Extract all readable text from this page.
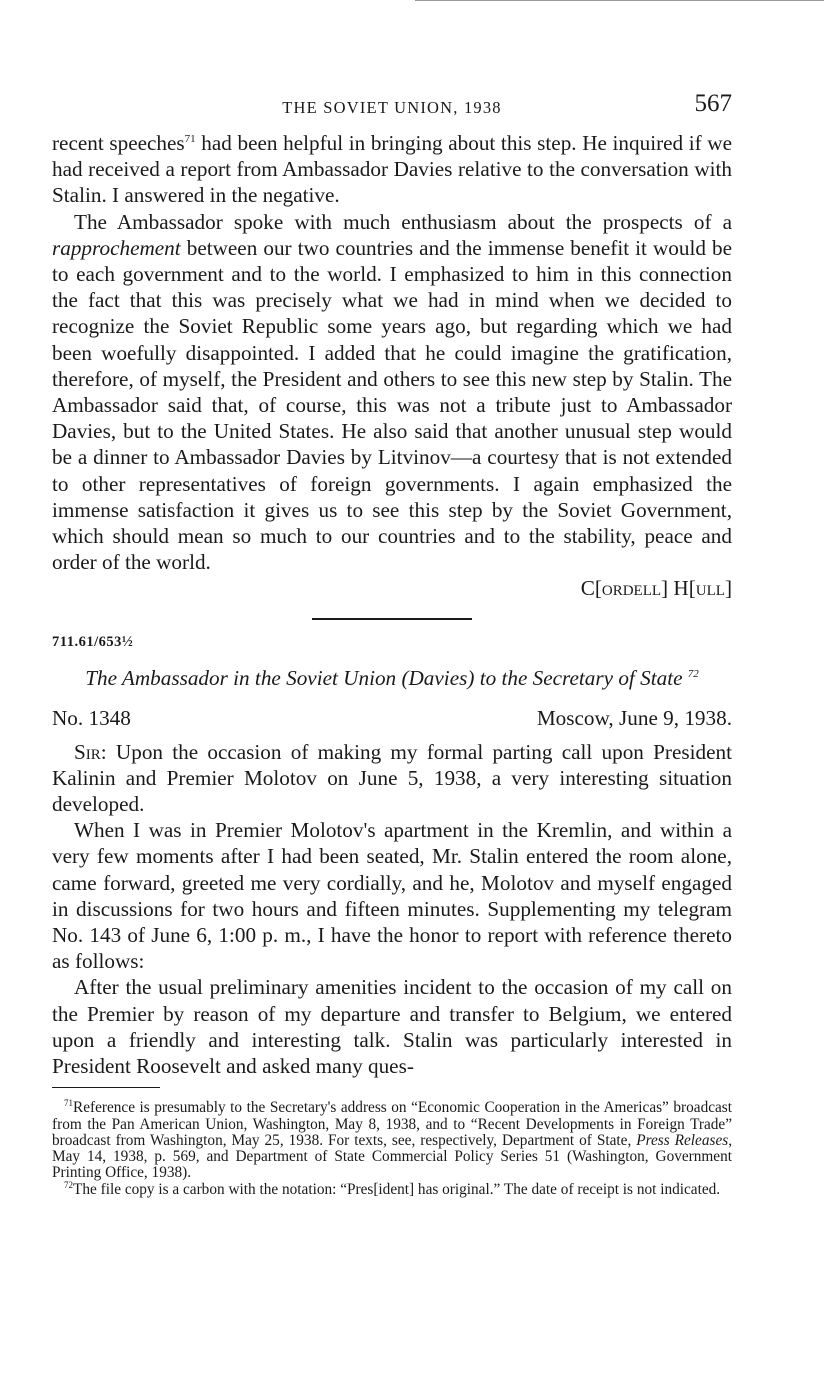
THE SOVIET UNION, 1938	567

recent speeches$^{71}$ had been helpful in bringing about this step. He inquired if we had received a report from Ambassador Davies relative to the conversation with Stalin. I answered in the negative.

The Ambassador spoke with much enthusiasm about the prospects of a rapprochement between our two countries and the immense benefit it would be to each government and to the world. I emphasized to him in this connection the fact that this was precisely what we had in mind when we decided to recognize the Soviet Republic some years ago, but regarding which we had been woefully disappointed. I added that he could imagine the gratification, therefore, of myself, the President and others to see this new step by Stalin. The Ambassador said that, of course, this was not a tribute just to Ambassador Davies, but to the United States. He also said that another unusual step would be a dinner to Ambassador Davies by Litvinov—a courtesy that is not extended to other representatives of foreign governments. I again emphasized the immense satisfaction it gives us to see this step by the Soviet Government, which should mean so much to our countries and to the stability, peace and order of the world.

C[ordell] H[ull]
711.61/653½
The Ambassador in the Soviet Union (Davies) to the Secretary of State $^{72}$
No. 1348	Moscow, June 9, 1938.

Sir: Upon the occasion of making my formal parting call upon President Kalinin and Premier Molotov on June 5, 1938, a very interesting situation developed.

When I was in Premier Molotov's apartment in the Kremlin, and within a very few moments after I had been seated, Mr. Stalin entered the room alone, came forward, greeted me very cordially, and he, Molotov and myself engaged in discussions for two hours and fifteen minutes. Supplementing my telegram No. 143 of June 6, 1:00 p. m., I have the honor to report with reference thereto as follows:

After the usual preliminary amenities incident to the occasion of my call on the Premier by reason of my departure and transfer to Belgium, we entered upon a friendly and interesting talk. Stalin was particularly interested in President Roosevelt and asked many ques-

$^{71}$Reference is presumably to the Secretary's address on “Economic Cooperation in the Americas” broadcast from the Pan American Union, Washington, May 8, 1938, and to “Recent Developments in Foreign Trade” broadcast from Washington, May 25, 1938. For texts, see, respectively, Department of State, Press Releases, May 14, 1938, p. 569, and Department of State Commercial Policy Series 51 (Washington, Government Printing Office, 1938).

$^{72}$The file copy is a carbon with the notation: “Pres[ident] has original.” The date of receipt is not indicated.
